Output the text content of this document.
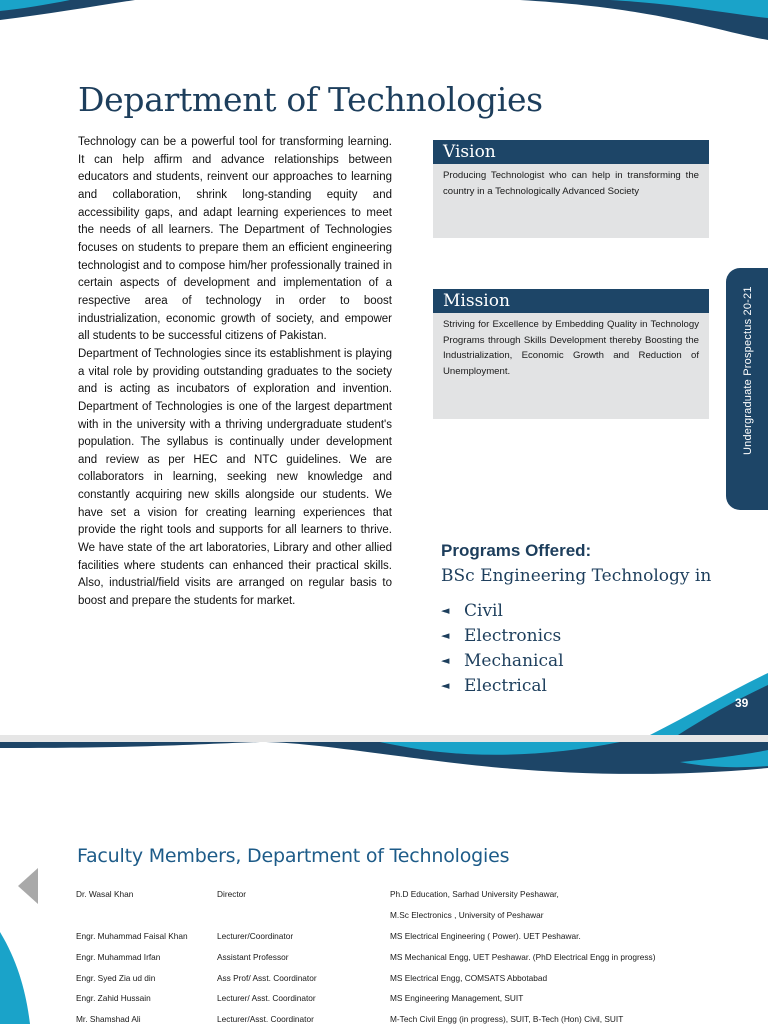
Department of Technologies

Technology can be a powerful tool for transforming learning. It can help affirm and advance relationships between educators and students, reinvent our approaches to learning and collaboration, shrink long-standing equity and accessibility gaps, and adapt learning experiences to meet the needs of all learners. The Department of Technologies focuses on students to prepare them an efficient engineering technologist and to compose him/her professionally trained in certain aspects of development and implementation of a respective area of technology in order to boost industrialization, economic growth of society, and empower all students to be successful citizens of Pakistan.

Department of Technologies since its establishment is playing a vital role by providing outstanding graduates to the society and is acting as incubators of exploration and invention. Department of Technologies is one of the largest department with in the university with a thriving undergraduate student's population. The syllabus is continually under development and review as per HEC and NTC guidelines. We are collaborators in learning, seeking new knowledge and constantly acquiring new skills alongside our students. We have set a vision for creating learning experiences that provide the right tools and supports for all learners to thrive. We have state of the art laboratories, Library and other allied facilities where students can enhanced their practical skills. Also, industrial/field visits are arranged on regular basis to boost and prepare the students for market.

Vision
Producing Technologist who can help in transforming the country in a Technologically Advanced Society
Mission
Striving for Excellence by Embedding Quality in Technology Programs through Skills Development thereby Boosting the Industrialization, Economic Growth and Reduction of Unemployment.	Undergraduate Prospectus 20-21
Programs Offered:
BSc Engineering Technology in
◄ Civil
◄ Electronics
◄ Mechanical
◄ Electrical
39
Faculty Members, Department of Technologies
Dr. Wasal Khan	Director	Ph.D Education, Sarhad University Peshawar,
		M.Sc Electronics , University of Peshawar
Engr. Muhammad Faisal Khan	Lecturer/Coordinator	MS Electrical Engineering ( Power). UET Peshawar.
Engr. Muhammad Irfan	Assistant Professor	MS Mechanical Engg, UET Peshawar. (PhD Electrical Engg in progress)
Engr. Syed Zia ud din	Ass Prof/ Asst. Coordinator	MS Electrical Engg, COMSATS Abbotabad
Engr. Zahid Hussain	Lecturer/ Asst. Coordinator	MS Engineering Management, SUIT
Mr. Shamshad Ali	Lecturer/Asst. Coordinator	M-Tech Civil Engg (in progress), SUIT, B-Tech (Hon) Civil, SUIT
